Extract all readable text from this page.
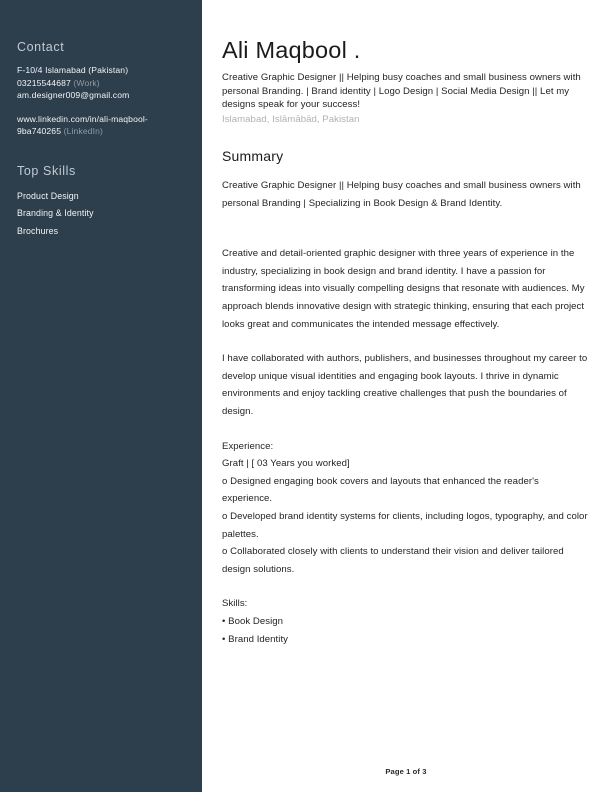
Contact

F-10/4 Islamabad (Pakistan)

03215544687 (Work)

am.designer009@gmail.com

www.linkedin.com/in/ali-maqbool-9ba740265 (LinkedIn)

Top Skills

Product Design

Branding & Identity

Brochures

Ali Maqbool .

Creative Graphic Designer || Helping busy coaches and small business owners with personal Branding. | Brand identity | Logo Design | Social Media Design || Let my designs speak for your success!

Islamabad, Islāmābād, Pakistan

Summary

Creative Graphic Designer || Helping busy coaches and small business owners with personal Branding | Specializing in Book Design & Brand Identity.

Creative and detail-oriented graphic designer with three years of experience in the industry, specializing in book design and brand identity. I have a passion for transforming ideas into visually compelling designs that resonate with audiences. My approach blends innovative design with strategic thinking, ensuring that each project looks great and communicates the intended message effectively.

I have collaborated with authors, publishers, and businesses throughout my career to develop unique visual identities and engaging book layouts. I thrive in dynamic environments and enjoy tackling creative challenges that push the boundaries of design.

Experience:

Graft | [ 03 Years you worked]

o Designed engaging book covers and layouts that enhanced the reader's experience.

o Developed brand identity systems for clients, including logos, typography, and color palettes.

o Collaborated closely with clients to understand their vision and deliver tailored design solutions.

Skills:

• Book Design

• Brand Identity

Page 1 of 3
